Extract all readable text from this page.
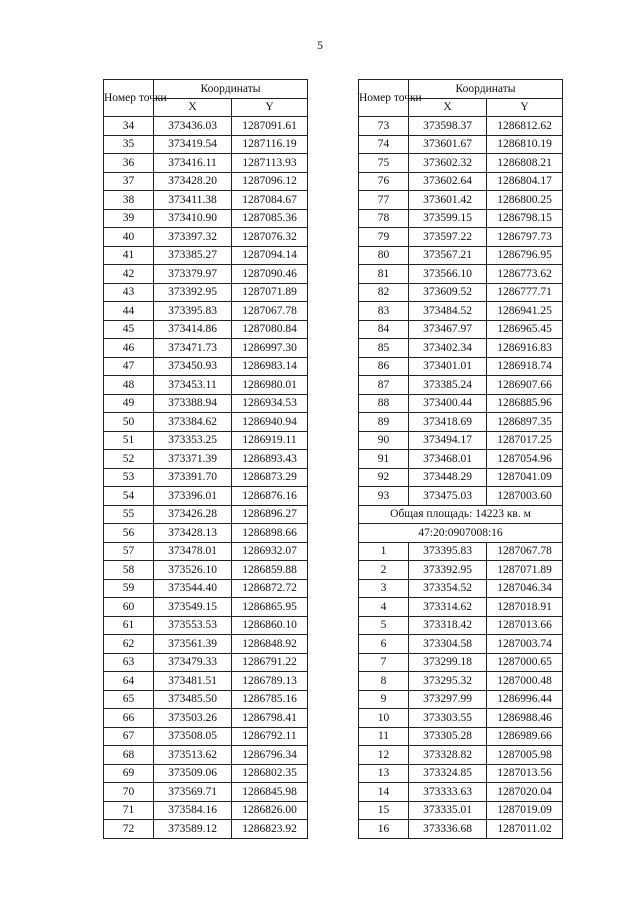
5
Номер точки	Координаты	
	X	Y
34	373436.03	1287091.61
35	373419.54	1287116.19
36	373416.11	1287113.93
37	373428.20	1287096.12
38	373411.38	1287084.67
39	373410.90	1287085.36
40	373397.32	1287076.32
41	373385.27	1287094.14
42	373379.97	1287090.46
43	373392.95	1287071.89
44	373395.83	1287067.78
45	373414.86	1287080.84
46	373471.73	1286997.30
47	373450.93	1286983.14
48	373453.11	1286980.01
49	373388.94	1286934.53
50	373384.62	1286940.94
51	373353.25	1286919.11
52	373371.39	1286893.43
53	373391.70	1286873.29
54	373396.01	1286876.16
55	373426.28	1286896.27
56	373428.13	1286898.66
57	373478.01	1286932.07
58	373526.10	1286859.88
59	373544.40	1286872.72
60	373549.15	1286865.95
61	373553.53	1286860.10
62	373561.39	1286848.92
63	373479.33	1286791.22
64	373481.51	1286789.13
65	373485.50	1286785.16
66	373503.26	1286798.41
67	373508.05	1286792.11
68	373513.62	1286796.34
69	373509.06	1286802.35
70	373569.71	1286845.98
71	373584.16	1286826.00
72	373589.12	1286823.92
Номер точки	Координаты	
	X	Y
73	373598.37	1286812.62
74	373601.67	1286810.19
75	373602.32	1286808.21
76	373602.64	1286804.17
77	373601.42	1286800.25
78	373599.15	1286798.15
79	373597.22	1286797.73
80	373567.21	1286796.95
81	373566.10	1286773.62
82	373609.52	1286777.71
83	373484.52	1286941.25
84	373467.97	1286965.45
85	373402.34	1286916.83
86	373401.01	1286918.74
87	373385.24	1286907.66
88	373400.44	1286885.96
89	373418.69	1286897.35
90	373494.17	1287017.25
91	373468.01	1287054.96
92	373448.29	1287041.09
93	373475.03	1287003.60
Общая площадь: 14223 кв. м		
47:20:0907008:16		
1	373395.83	1287067.78
2	373392.95	1287071.89
3	373354.52	1287046.34
4	373314.62	1287018.91
5	373318.42	1287013.66
6	373304.58	1287003.74
7	373299.18	1287000.65
8	373295.32	1287000.48
9	373297.99	1286996.44
10	373303.55	1286988.46
11	373305.28	1286989.66
12	373328.82	1287005.98
13	373324.85	1287013.56
14	373333.63	1287020.04
15	373335.01	1287019.09
16	373336.68	1287011.02
